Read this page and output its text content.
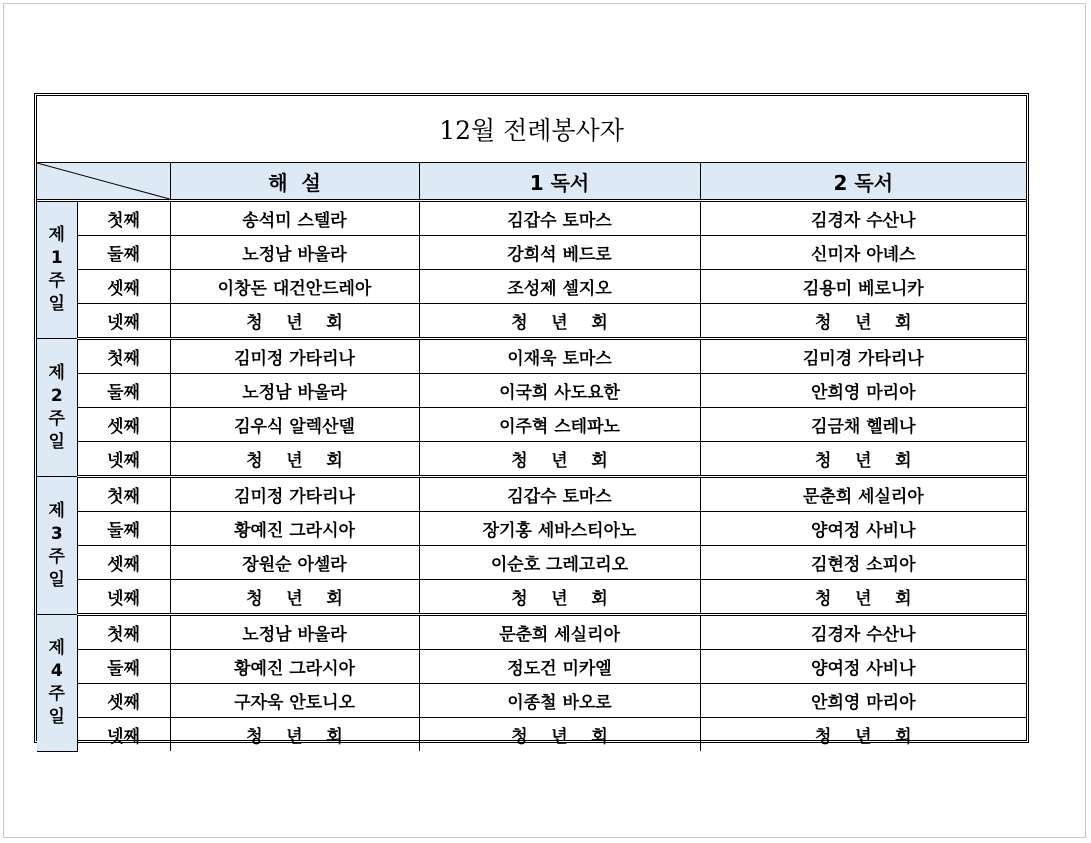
12월 전례봉사자				

	해  설	1 독서	2 독서

제
1
주
일	첫째	송석미 스텔라	김갑수 토마스	김경자 수산나
	둘째	노정남 바울라	강희석 베드로	신미자 아녜스
	셋째	이창돈 대건안드레아	조성제 셀지오	김용미 베로니카
	넷째	청    년    회	청    년    회	청    년    회

제
2
주
일	첫째	김미정 가타리나	이재욱 토마스	김미경 가타리나
	둘째	노정남 바울라	이국희 사도요한	안희영 마리아
	셋째	김우식 알렉산델	이주혁 스테파노	김금채 헬레나
	넷째	청    년    회	청    년    회	청    년    회

제
3
주
일	첫째	김미정 가타리나	김갑수 토마스	문춘희 세실리아
	둘째	황예진 그라시아	장기홍 세바스티아노	양여정 사비나
	셋째	장원순 아셀라	이순호 그레고리오	김현정 소피아
	넷째	청    년    회	청    년    회	청    년    회

제
4
주
일	첫째	노정남 바울라	문춘희 세실리아	김경자 수산나
	둘째	황예진 그라시아	정도건 미카엘	양여정 사비나
	셋째	구자욱 안토니오	이종철 바오로	안희영 마리아
	넷째	청    년    회	청    년    회	청    년    회
